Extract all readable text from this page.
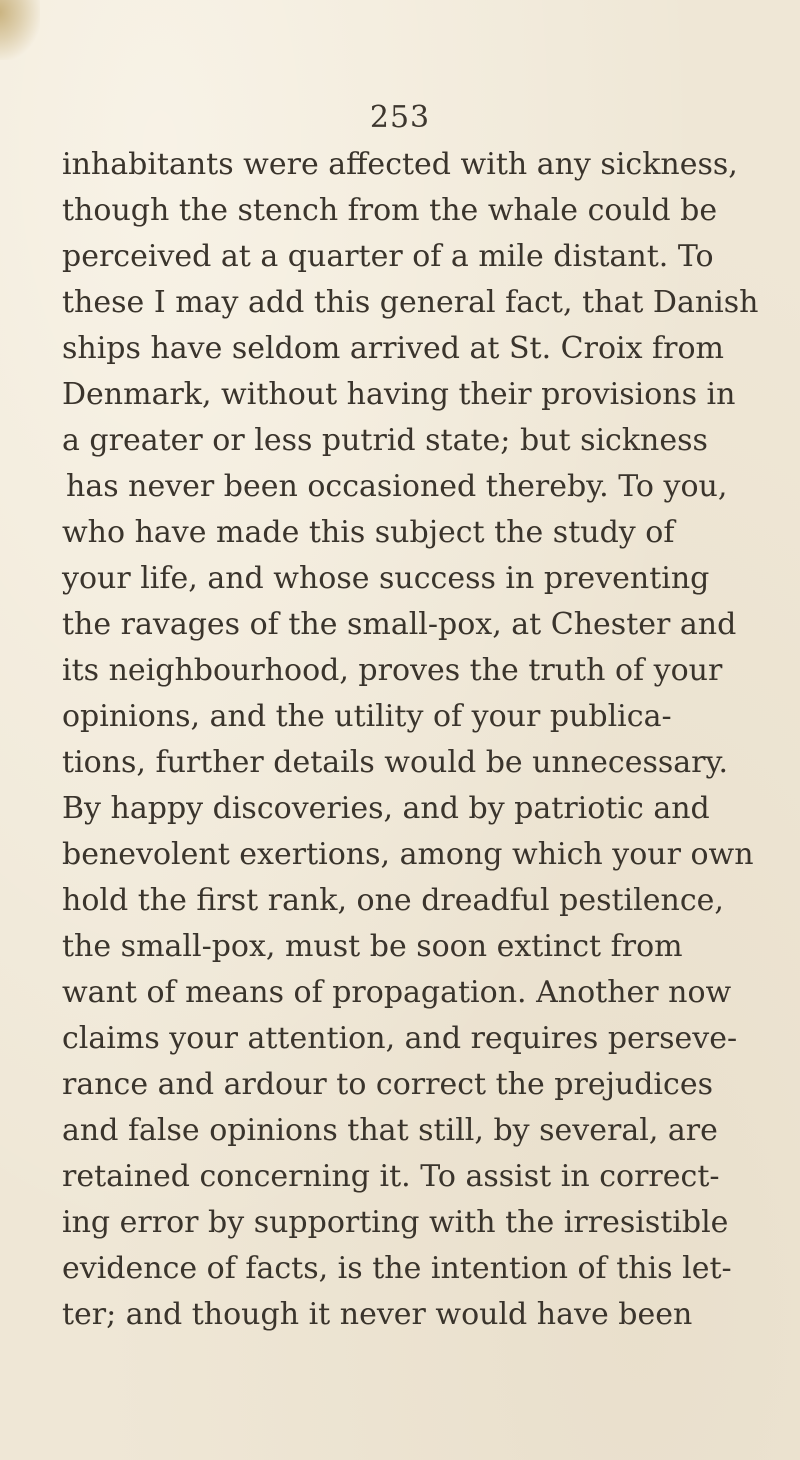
253
inhabitants were affected with any sickness,
though the stench from the whale could be
perceived at a quarter of a mile distant. To
these I may add this general fact, that Danish
ships have seldom arrived at St. Croix from
Denmark, without having their provisions in
a greater or less putrid state; but sickness
has never been occasioned thereby. To you,
who have made this subject the study of
your life, and whose success in preventing
the ravages of the small-pox, at Chester and
its neighbourhood, proves the truth of your
opinions, and the utility of your publica-
tions, further details would be unnecessary.
By happy discoveries, and by patriotic and
benevolent exertions, among which your own
hold the first rank, one dreadful pestilence,
the small-pox, must be soon extinct from
want of means of propagation. Another now
claims your attention, and requires perseve-
rance and ardour to correct the prejudices
and false opinions that still, by several, are
retained concerning it. To assist in correct-
ing error by supporting with the irresistible
evidence of facts, is the intention of this let-
ter; and though it never would have been
